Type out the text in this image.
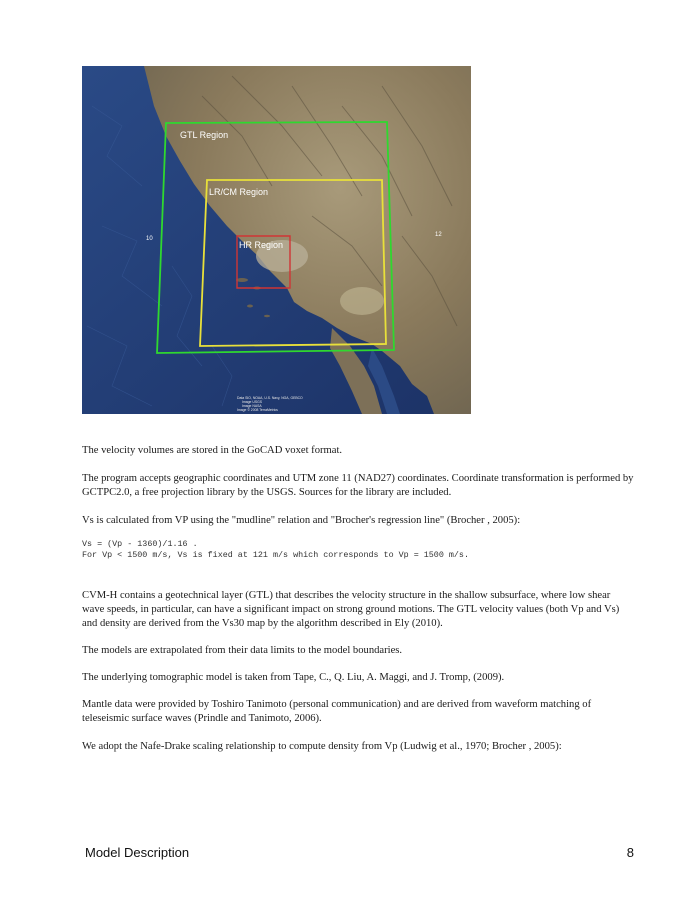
GTL Region
LR/CM Region
HR Region
10
12
Data SIO, NOAA, U.S. Navy, NGA, GEBCO
Image USGS
Image NASA
Image © 2008 TerraMetrics

The velocity volumes are stored in the GoCAD voxet format.

The program accepts geographic coordinates and UTM zone 11 (NAD27) coordinates. Coordinate transformation is performed by GCTPC2.0, a free projection library by the USGS. Sources for the library are included.

Vs is calculated from VP using the "mudline" relation and "Brocher's regression line" (Brocher , 2005):

Vs = (Vp - 1360)/1.16 .

For Vp < 1500 m/s, Vs is fixed at 121 m/s which corresponds to Vp = 1500 m/s.

CVM-H contains a geotechnical layer (GTL) that describes the velocity structure in the shallow subsurface, where low shear wave speeds, in particular, can have a significant impact on strong ground motions. The GTL velocity values (both Vp and Vs) and density are derived from the Vs30 map by the algorithm described in Ely (2010).

The models are extrapolated from their data limits to the model boundaries.

The underlying tomographic model is taken from Tape, C., Q. Liu, A. Maggi, and J. Tromp, (2009).

Mantle data were provided by Toshiro Tanimoto (personal communication) and are derived from waveform matching of teleseismic surface waves (Prindle and Tanimoto, 2006).

We adopt the Nafe-Drake scaling relationship to compute density from Vp (Ludwig et al., 1970; Brocher , 2005):

Model Description	8
